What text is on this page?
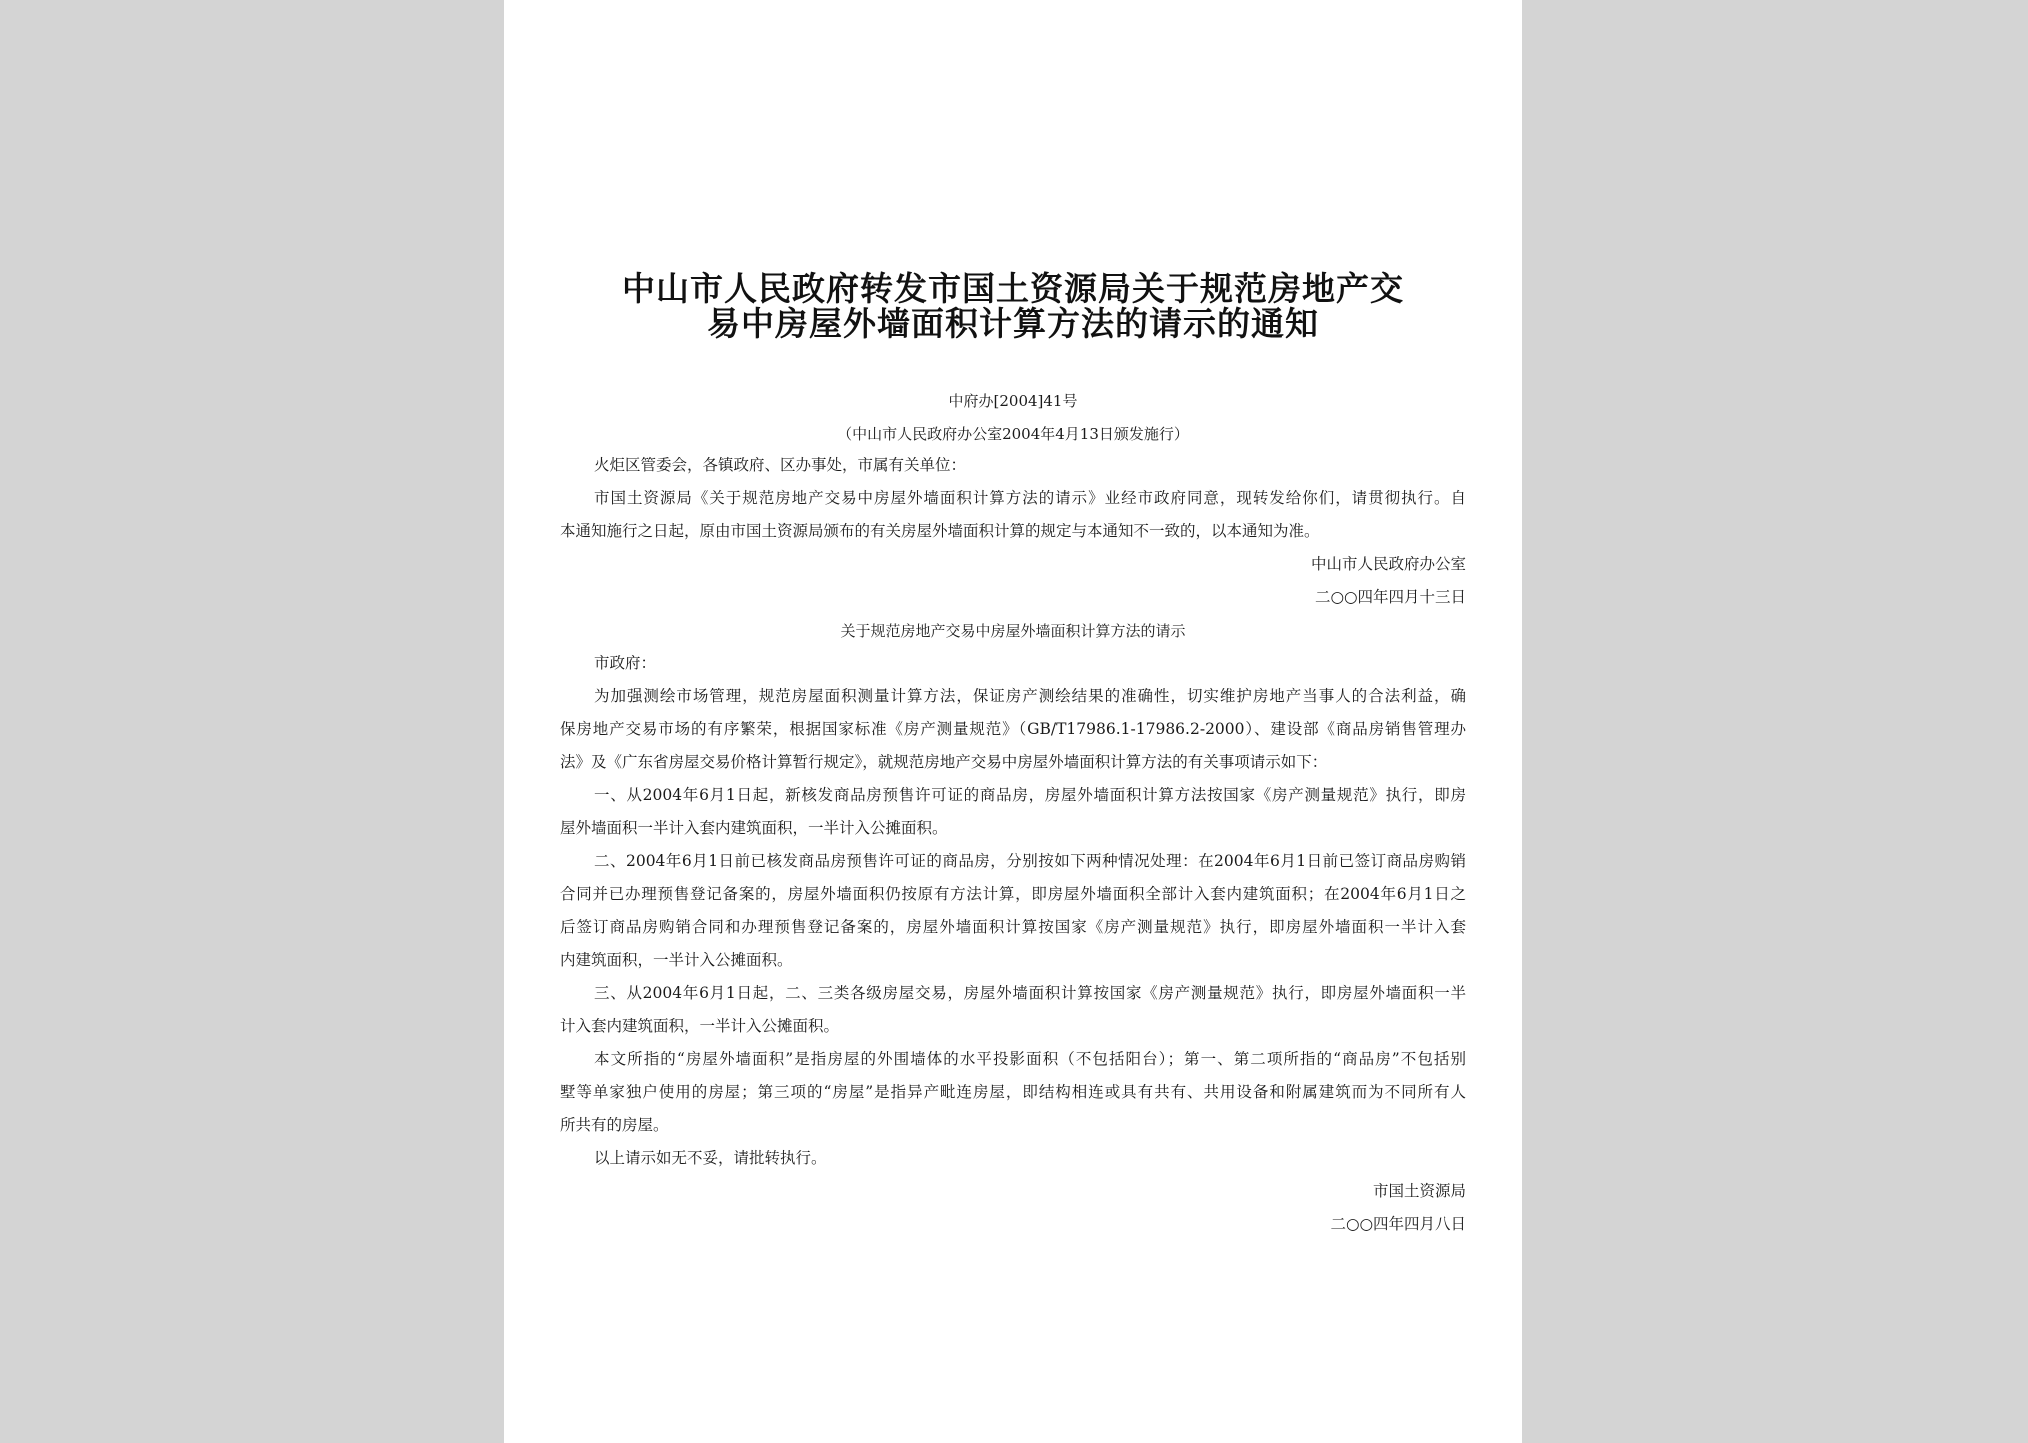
中山市人民政府转发市国土资源局关于规范房地产交
易中房屋外墙面积计算方法的请示的通知
中府办[2004]41号
（中山市人民政府办公室2004年4月13日颁发施行）
火炬区管委会，各镇政府、区办事处，市属有关单位：
市国土资源局《关于规范房地产交易中房屋外墙面积计算方法的请示》业经市政府同意，现转发给你们，请贯彻执行。自
本通知施行之日起，原由市国土资源局颁布的有关房屋外墙面积计算的规定与本通知不一致的，以本通知为准。
中山市人民政府办公室
二○○四年四月十三日
关于规范房地产交易中房屋外墙面积计算方法的请示
市政府：
为加强测绘市场管理，规范房屋面积测量计算方法，保证房产测绘结果的准确性，切实维护房地产当事人的合法利益，确
保房地产交易市场的有序繁荣，根据国家标准《房产测量规范》（GB/T17986.1-17986.2-2000）、建设部《商品房销售管理办
法》及《广东省房屋交易价格计算暂行规定》，就规范房地产交易中房屋外墙面积计算方法的有关事项请示如下：
一、从2004年6月1日起，新核发商品房预售许可证的商品房，房屋外墙面积计算方法按国家《房产测量规范》执行，即房
屋外墙面积一半计入套内建筑面积，一半计入公摊面积。
二、2004年6月1日前已核发商品房预售许可证的商品房，分别按如下两种情况处理：在2004年6月1日前已签订商品房购销
合同并已办理预售登记备案的，房屋外墙面积仍按原有方法计算，即房屋外墙面积全部计入套内建筑面积；在2004年6月1日之
后签订商品房购销合同和办理预售登记备案的，房屋外墙面积计算按国家《房产测量规范》执行，即房屋外墙面积一半计入套
内建筑面积，一半计入公摊面积。
三、从2004年6月1日起，二、三类各级房屋交易，房屋外墙面积计算按国家《房产测量规范》执行，即房屋外墙面积一半
计入套内建筑面积，一半计入公摊面积。
本文所指的“房屋外墙面积”是指房屋的外围墙体的水平投影面积（不包括阳台）；第一、第二项所指的“商品房”不包括别
墅等单家独户使用的房屋；第三项的“房屋”是指异产毗连房屋，即结构相连或具有共有、共用设备和附属建筑而为不同所有人
所共有的房屋。
以上请示如无不妥，请批转执行。
市国土资源局
二○○四年四月八日
